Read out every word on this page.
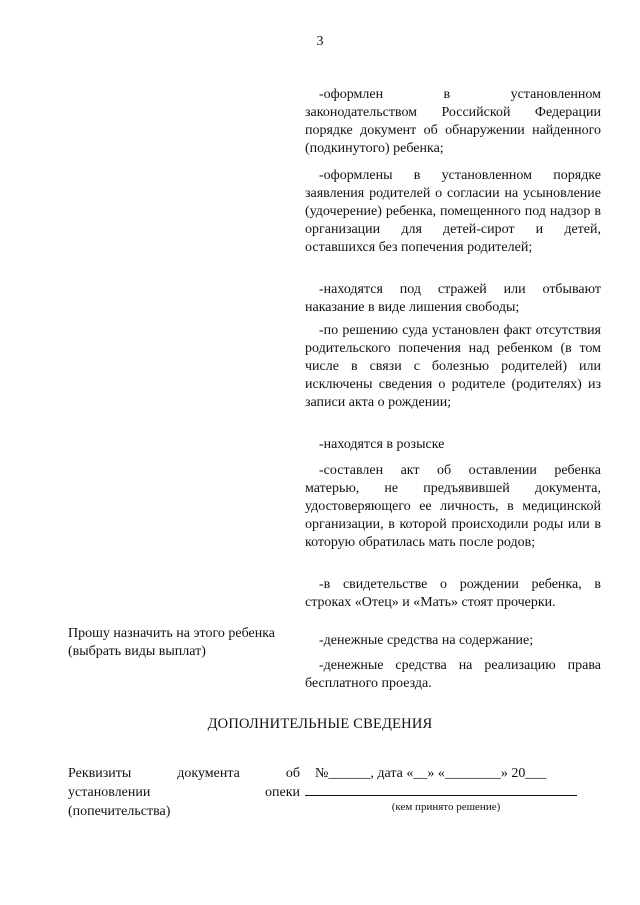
3

-оформлен в установленном законодательством Российской Федерации порядке документ об обнаружении найденного (подкинутого) ребенка;

-оформлены в установленном порядке заявления родителей о согласии на усыновление (удочерение) ребенка, помещенного под надзор в организации для детей-сирот и детей, оставшихся без попечения родителей;

-находятся под стражей или отбывают наказание в виде лишения свободы;

-по решению суда установлен факт отсутствия родительского попечения над ребенком (в том числе в связи с болезнью родителей) или исключены сведения о родителе (родителях) из записи акта о рождении;

-находятся в розыске

-составлен акт об оставлении ребенка матерью, не предъявившей документа, удостоверяющего ее личность, в медицинской организации, в которой происходили роды или в которую обратилась мать после родов;

-в свидетельстве о рождении ребенка, в строках «Отец» и «Мать» стоят прочерки.

Прошу назначить на этого ребенка
(выбрать виды выплат)

-денежные средства на содержание;

-денежные средства на реализацию права бесплатного проезда.

ДОПОЛНИТЕЛЬНЫЕ СВЕДЕНИЯ
Реквизиты	документа	об
установлении	опеки
(попечительства)
№______, дата «__» «________» 20___
(кем принято решение)
